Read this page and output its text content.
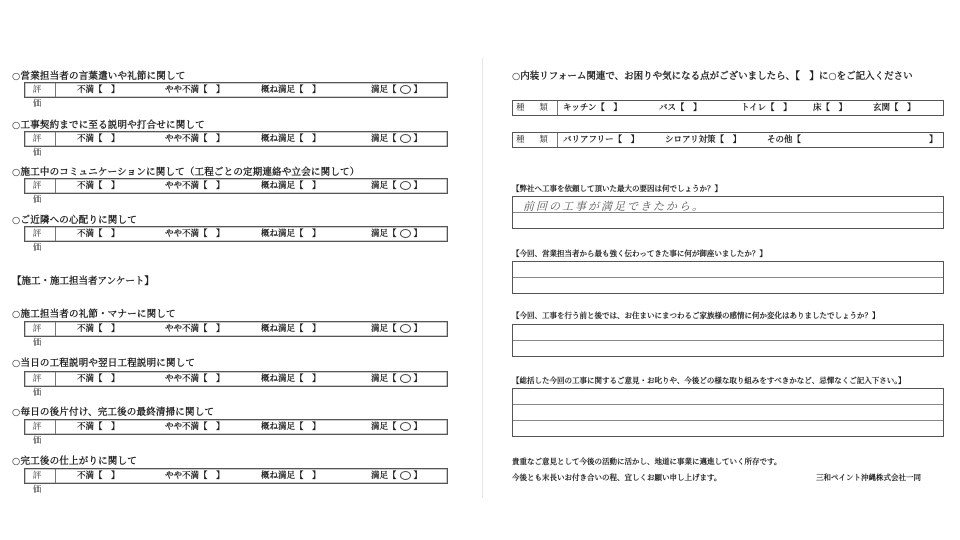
○営業担当者の言葉遣いや礼節に関して
評 価
不満【　】	やや不満【　】	概ね満足【　】	満足【 ○ 】
○工事契約までに至る説明や打合せに関して
評 価
不満【　】	やや不満【　】	概ね満足【　】	満足【 ○ 】
○施工中のコミュニケーションに関して（工程ごとの定期連絡や立会に関して）
評 価
不満【　】	やや不満【　】	概ね満足【　】	満足【 ○ 】
○ご近隣への心配りに関して
評 価
不満【　】	やや不満【　】	概ね満足【　】	満足【 ○ 】
【施工・施工担当者アンケート】
○施工担当者の礼節・マナーに関して
評 価
不満【　】	やや不満【　】	概ね満足【　】	満足【 ○ 】
○当日の工程説明や翌日工程説明に関して
評 価
不満【　】	やや不満【　】	概ね満足【　】	満足【 ○ 】
○毎日の後片付け、完工後の最終清掃に関して
評 価
不満【　】	やや不満【　】	概ね満足【　】	満足【 ○ 】
○完工後の仕上がりに関して
評 価
不満【　】	やや不満【　】	概ね満足【　】	満足【 ○ 】
○内装リフォーム関連で、お困りや気になる点がございましたら、【　】に○をご記入ください
種 類	キッチン【　】	バス【　】	トイレ【　】	床【　】	玄関【　】
種 類	バリアフリー【　】	シロアリ対策【　】	その他【	】
【弊社へ工事を依頼して頂いた最大の要因は何でしょうか？】
前回の工事が満足できたから。
【今回、営業担当者から最も強く伝わってきた事に何が御座いましたか？】
【今回、工事を行う前と後では、お住まいにまつわるご家族様の感情に何か変化はありましたでしょうか？】
【総括した今回の工事に関するご意見・お叱りや、今後どの様な取り組みをすべきかなど、忌憚なくご記入下さい。】
貴重なご意見として今後の活動に活かし、地道に事業に邁進していく所存です。
今後とも末長いお付き合いの程、宜しくお願い申し上げます。	三和ペイント沖縄株式会社一同
